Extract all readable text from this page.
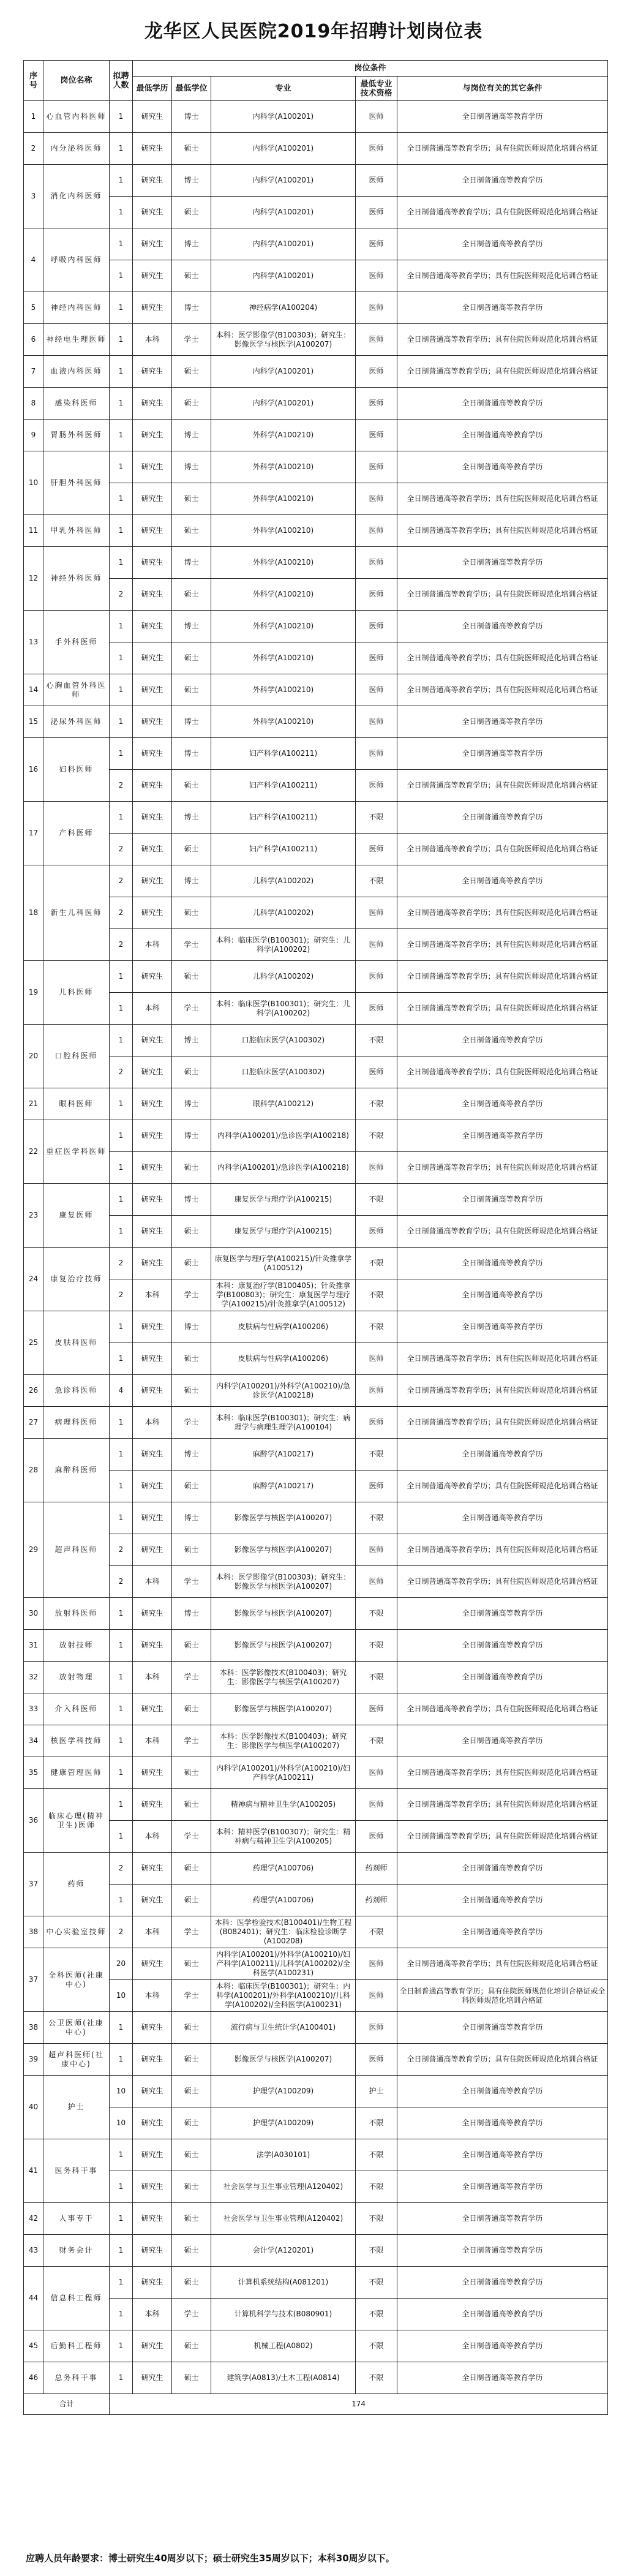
龙华区人民医院2019年招聘计划岗位表
序号	岗位名称	拟聘人数	岗位条件				
			最低学历	最低学位	专业	最低专业技术资格	与岗位有关的其它条件
1	心血管内科医师	1	研究生	博士	内科学(A100201)	医师	全日制普通高等教育学历
2	内分泌科医师	1	研究生	硕士	内科学(A100201)	医师	全日制普通高等教育学历；具有住院医师规范化培训合格证
3	消化内科医师	1	研究生	博士	内科学(A100201)	医师	全日制普通高等教育学历
		1	研究生	硕士	内科学(A100201)	医师	全日制普通高等教育学历；具有住院医师规范化培训合格证
4	呼吸内科医师	1	研究生	博士	内科学(A100201)	医师	全日制普通高等教育学历
		1	研究生	硕士	内科学(A100201)	医师	全日制普通高等教育学历；具有住院医师规范化培训合格证
5	神经内科医师	1	研究生	博士	神经病学(A100204)	医师	全日制普通高等教育学历
6	神经电生理医师	1	本科	学士	本科：医学影像学(B100303)；研究生：影像医学与核医学(A100207)	医师	全日制普通高等教育学历；具有住院医师规范化培训合格证
7	血液内科医师	1	研究生	硕士	内科学(A100201)	医师	全日制普通高等教育学历；具有住院医师规范化培训合格证
8	感染科医师	1	研究生	硕士	内科学(A100201)	医师	全日制普通高等教育学历
9	胃肠外科医师	1	研究生	博士	外科学(A100210)	医师	全日制普通高等教育学历
10	肝胆外科医师	1	研究生	博士	外科学(A100210)	医师	全日制普通高等教育学历
		1	研究生	硕士	外科学(A100210)	医师	全日制普通高等教育学历；具有住院医师规范化培训合格证
11	甲乳外科医师	1	研究生	硕士	外科学(A100210)	医师	全日制普通高等教育学历；具有住院医师规范化培训合格证
12	神经外科医师	1	研究生	博士	外科学(A100210)	医师	全日制普通高等教育学历
		2	研究生	硕士	外科学(A100210)	医师	全日制普通高等教育学历；具有住院医师规范化培训合格证
13	手外科医师	1	研究生	博士	外科学(A100210)	医师	全日制普通高等教育学历
		1	研究生	硕士	外科学(A100210)	医师	全日制普通高等教育学历；具有住院医师规范化培训合格证
14	心胸血管外科医师	1	研究生	硕士	外科学(A100210)	医师	全日制普通高等教育学历；具有住院医师规范化培训合格证
15	泌尿外科医师	1	研究生	博士	外科学(A100210)	医师	全日制普通高等教育学历
16	妇科医师	1	研究生	博士	妇产科学(A100211)	医师	全日制普通高等教育学历
		2	研究生	硕士	妇产科学(A100211)	医师	全日制普通高等教育学历；具有住院医师规范化培训合格证
17	产科医师	1	研究生	博士	妇产科学(A100211)	不限	全日制普通高等教育学历
		2	研究生	硕士	妇产科学(A100211)	医师	全日制普通高等教育学历；具有住院医师规范化培训合格证
18	新生儿科医师	2	研究生	博士	儿科学(A100202)	不限	全日制普通高等教育学历
		2	研究生	硕士	儿科学(A100202)	医师	全日制普通高等教育学历；具有住院医师规范化培训合格证
		2	本科	学士	本科：临床医学(B100301)；研究生：儿科学(A100202)	医师	全日制普通高等教育学历；具有住院医师规范化培训合格证
19	儿科医师	1	研究生	硕士	儿科学(A100202)	医师	全日制普通高等教育学历；具有住院医师规范化培训合格证
		1	本科	学士	本科：临床医学(B100301)；研究生：儿科学(A100202)	医师	全日制普通高等教育学历；具有住院医师规范化培训合格证
20	口腔科医师	1	研究生	博士	口腔临床医学(A100302)	不限	全日制普通高等教育学历
		2	研究生	硕士	口腔临床医学(A100302)	医师	全日制普通高等教育学历；具有住院医师规范化培训合格证
21	眼科医师	1	研究生	博士	眼科学(A100212)	不限	全日制普通高等教育学历
22	重症医学科医师	1	研究生	博士	内科学(A100201)/急诊医学(A100218)	不限	全日制普通高等教育学历
		1	研究生	硕士	内科学(A100201)/急诊医学(A100218)	医师	全日制普通高等教育学历；具有住院医师规范化培训合格证
23	康复医师	1	研究生	博士	康复医学与理疗学(A100215)	不限	全日制普通高等教育学历
		1	研究生	硕士	康复医学与理疗学(A100215)	医师	全日制普通高等教育学历；具有住院医师规范化培训合格证
24	康复治疗技师	2	研究生	硕士	康复医学与理疗学(A100215)/针灸推拿学(A100512)	不限	全日制普通高等教育学历
		2	本科	学士	本科：康复治疗学(B100405)；针灸推拿学(B100803)；研究生：康复医学与理疗学(A100215)/针灸推拿学(A100512)	不限	全日制普通高等教育学历
25	皮肤科医师	1	研究生	博士	皮肤病与性病学(A100206)	不限	全日制普通高等教育学历
		1	研究生	硕士	皮肤病与性病学(A100206)	医师	全日制普通高等教育学历；具有住院医师规范化培训合格证
26	急诊科医师	4	研究生	硕士	内科学(A100201)/外科学(A100210)/急诊医学(A100218)	医师	全日制普通高等教育学历；具有住院医师规范化培训合格证
27	病理科医师	1	本科	学士	本科：临床医学(B100301)；研究生：病理学与病理生理学(A100104)	医师	全日制普通高等教育学历；具有住院医师规范化培训合格证
28	麻醉科医师	1	研究生	博士	麻醉学(A100217)	不限	全日制普通高等教育学历
		1	研究生	硕士	麻醉学(A100217)	医师	全日制普通高等教育学历；具有住院医师规范化培训合格证
29	超声科医师	1	研究生	博士	影像医学与核医学(A100207)	不限	全日制普通高等教育学历
		2	研究生	硕士	影像医学与核医学(A100207)	医师	全日制普通高等教育学历；具有住院医师规范化培训合格证
		2	本科	学士	本科：医学影像学(B100303)；研究生：影像医学与核医学(A100207)	医师	全日制普通高等教育学历；具有住院医师规范化培训合格证
30	放射科医师	1	研究生	博士	影像医学与核医学(A100207)	不限	全日制普通高等教育学历
31	放射技师	1	研究生	硕士	影像医学与核医学(A100207)	不限	全日制普通高等教育学历
32	放射物理	1	本科	学士	本科：医学影像技术(B100403)；研究生：影像医学与核医学(A100207)	不限	全日制普通高等教育学历
33	介入科医师	1	研究生	硕士	影像医学与核医学(A100207)	医师	全日制普通高等教育学历；具有住院医师规范化培训合格证
34	核医学科技师	1	本科	学士	本科：医学影像技术(B100403)；研究生：影像医学与核医学(A100207)	不限	全日制普通高等教育学历
35	健康管理医师	1	研究生	硕士	内科学(A100201)/外科学(A100210)/妇产科学(A100211)	医师	全日制普通高等教育学历；具有住院医师规范化培训合格证
36	临床心理(精神卫生)医师	1	研究生	硕士	精神病与精神卫生学(A100205)	医师	全日制普通高等教育学历；具有住院医师规范化培训合格证
		1	本科	学士	本科：精神医学(B100307)；研究生：精神病与精神卫生学(A100205)	医师	全日制普通高等教育学历；具有住院医师规范化培训合格证
37	药师	2	研究生	硕士	药理学(A100706)	药剂师	全日制普通高等教育学历
		1	研究生	硕士	药理学(A100706)	药剂师	全日制普通高等教育学历
38	中心实验室技师	2	本科	学士	本科：医学检验技术(B100401)/生物工程(B082401)；研究生：临床检验诊断学(A100208)	不限	全日制普通高等教育学历
37	全科医师(社康中心)	20	研究生	硕士	内科学(A100201)/外科学(A100210)/妇产科学(A100211)/儿科学(A100202)/全科医学(A100231)	医师	全日制普通高等教育学历；具有住院医师规范化培训合格证
		10	本科	学士	本科：临床医学(B100301)；研究生：内科学(A100201)/外科学(A100210)/儿科学(A100202)/全科医学(A100231)	医师	全日制普通高等教育学历；具有住院医师规范化培训合格证或全科医师规范化培训合格证
38	公卫医师(社康中心)	1	研究生	硕士	流行病与卫生统计学(A100401)	医师	全日制普通高等教育学历
39	超声科医师(社康中心)	1	研究生	硕士	影像医学与核医学(A100207)	医师	全日制普通高等教育学历；具有住院医师规范化培训合格证
40	护士	10	研究生	硕士	护理学(A100209)	护士	全日制普通高等教育学历
		10	研究生	硕士	护理学(A100209)	不限	全日制普通高等教育学历
41	医务科干事	1	研究生	硕士	法学(A030101)	不限	全日制普通高等教育学历
		1	研究生	硕士	社会医学与卫生事业管理(A120402)	不限	全日制普通高等教育学历
42	人事专干	1	研究生	硕士	社会医学与卫生事业管理(A120402)	不限	全日制普通高等教育学历
43	财务会计	1	研究生	硕士	会计学(A120201)	不限	全日制普通高等教育学历
44	信息科工程师	1	研究生	硕士	计算机系统结构(A081201)	不限	全日制普通高等教育学历
		1	本科	学士	计算机科学与技术(B080901)	不限	全日制普通高等教育学历
45	后勤科工程师	1	研究生	硕士	机械工程(A0802)	不限	全日制普通高等教育学历
46	总务科干事	1	研究生	硕士	建筑学(A0813)/土木工程(A0814)	不限	全日制普通高等教育学历
合计		174					
应聘人员年龄要求：博士研究生40周岁以下；硕士研究生35周岁以下；本科30周岁以下。
